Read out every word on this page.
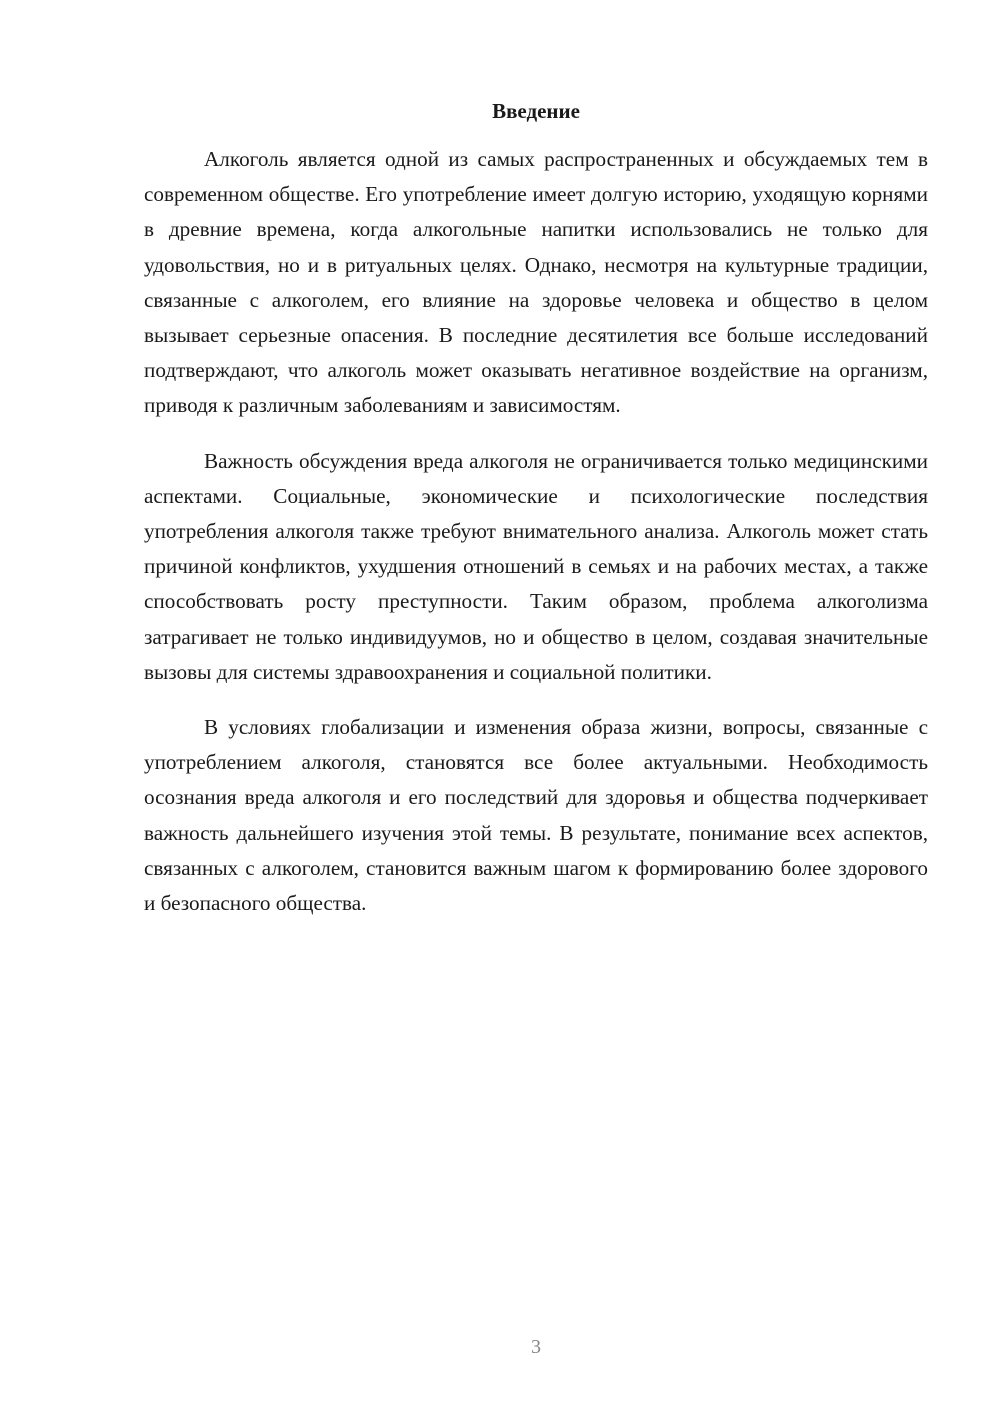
Введение

Алкоголь является одной из самых распространенных и обсуждаемых тем в современном обществе. Его употребление имеет долгую историю, уходящую корнями в древние времена, когда алкогольные напитки использовались не только для удовольствия, но и в ритуальных целях. Однако, несмотря на культурные традиции, связанные с алкоголем, его влияние на здоровье человека и общество в целом вызывает серьезные опасения. В последние десятилетия все больше исследований подтверждают, что алкоголь может оказывать негативное воздействие на организм, приводя к различным заболеваниям и зависимостям.

Важность обсуждения вреда алкоголя не ограничивается только медицинскими аспектами. Социальные, экономические и психологические последствия употребления алкоголя также требуют внимательного анализа. Алкоголь может стать причиной конфликтов, ухудшения отношений в семьях и на рабочих местах, а также способствовать росту преступности. Таким образом, проблема алкоголизма затрагивает не только индивидуумов, но и общество в целом, создавая значительные вызовы для системы здравоохранения и социальной политики.

В условиях глобализации и изменения образа жизни, вопросы, связанные с употреблением алкоголя, становятся все более актуальными. Необходимость осознания вреда алкоголя и его последствий для здоровья и общества подчеркивает важность дальнейшего изучения этой темы. В результате, понимание всех аспектов, связанных с алкоголем, становится важным шагом к формированию более здорового и безопасного общества.

3
